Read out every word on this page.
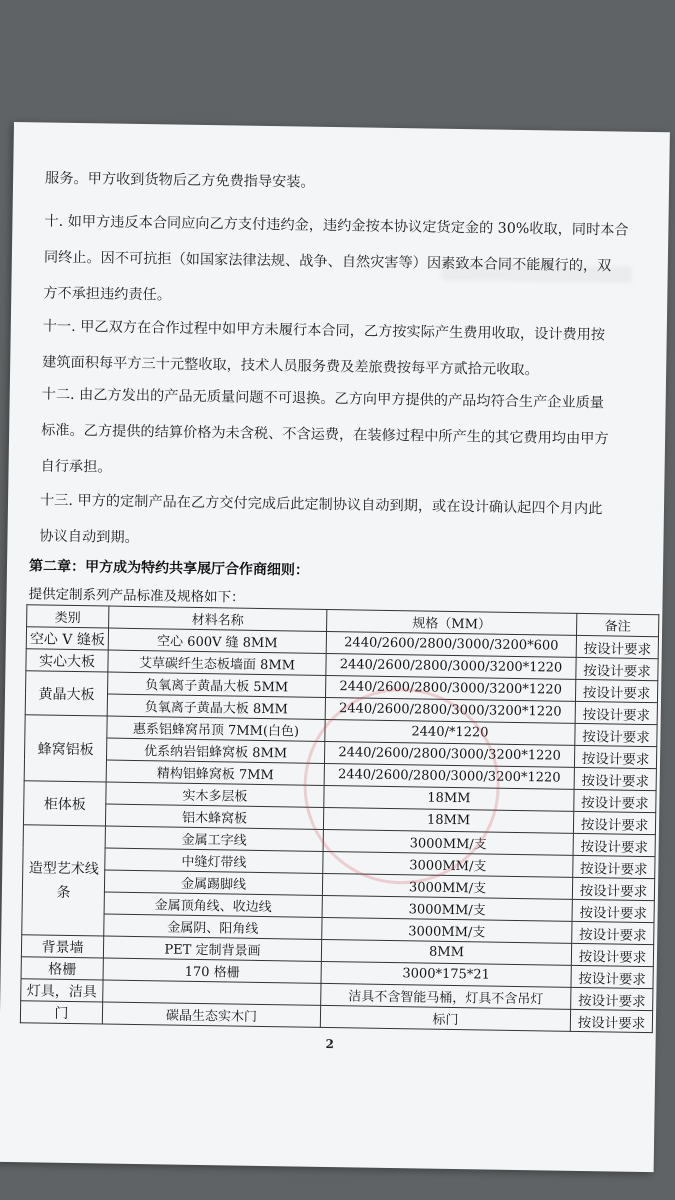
服务。甲方收到货物后乙方免费指导安装。
十. 如甲方违反本合同应向乙方支付违约金，违约金按本协议定货定金的 30%收取，同时本合
同终止。因不可抗拒（如国家法律法规、战争、自然灾害等）因素致本合同不能履行的，双
方不承担违约责任。
十一. 甲乙双方在合作过程中如甲方未履行本合同，乙方按实际产生费用收取，设计费用按
建筑面积每平方三十元整收取，技术人员服务费及差旅费按每平方贰拾元收取。
十二. 由乙方发出的产品无质量问题不可退换。乙方向甲方提供的产品均符合生产企业质量
标准。乙方提供的结算价格为未含税、不含运费，在装修过程中所产生的其它费用均由甲方
自行承担。
十三. 甲方的定制产品在乙方交付完成后此定制协议自动到期，或在设计确认起四个月内此
协议自动到期。
第二章：甲方成为特约共享展厅合作商细则：
提供定制系列产品标准及规格如下：
类别	材料名称	规格（MM）	备注
空心 V 缝板	空心 600V 缝 8MM	2440/2600/2800/3000/3200*600	按设计要求
实心大板	艾草碳纤生态板墙面 8MM	2440/2600/2800/3000/3200*1220	按设计要求
黄晶大板	负氧离子黄晶大板 5MM	2440/2600/2800/3000/3200*1220	按设计要求
	负氧离子黄晶大板 8MM	2440/2600/2800/3000/3200*1220	按设计要求
蜂窝铝板	惠系铝蜂窝吊顶 7MM(白色)	2440/*1220	按设计要求
	优系纳岩铝蜂窝板 8MM	2440/2600/2800/3000/3200*1220	按设计要求
	精构铝蜂窝板 7MM	2440/2600/2800/3000/3200*1220	按设计要求
柜体板	实木多层板	18MM	按设计要求
	铝木蜂窝板	18MM	按设计要求
造型艺术线条	金属工字线	3000MM/支	按设计要求
	中缝灯带线	3000MM/支	按设计要求
	金属踢脚线	3000MM/支	按设计要求
	金属顶角线、收边线	3000MM/支	按设计要求
	金属阴、阳角线	3000MM/支	按设计要求
背景墙	PET 定制背景画	8MM	按设计要求
格栅	170 格栅	3000*175*21	按设计要求
灯具，洁具		洁具不含智能马桶，灯具不含吊灯	按设计要求
门	碳晶生态实木门	标门	按设计要求
2
